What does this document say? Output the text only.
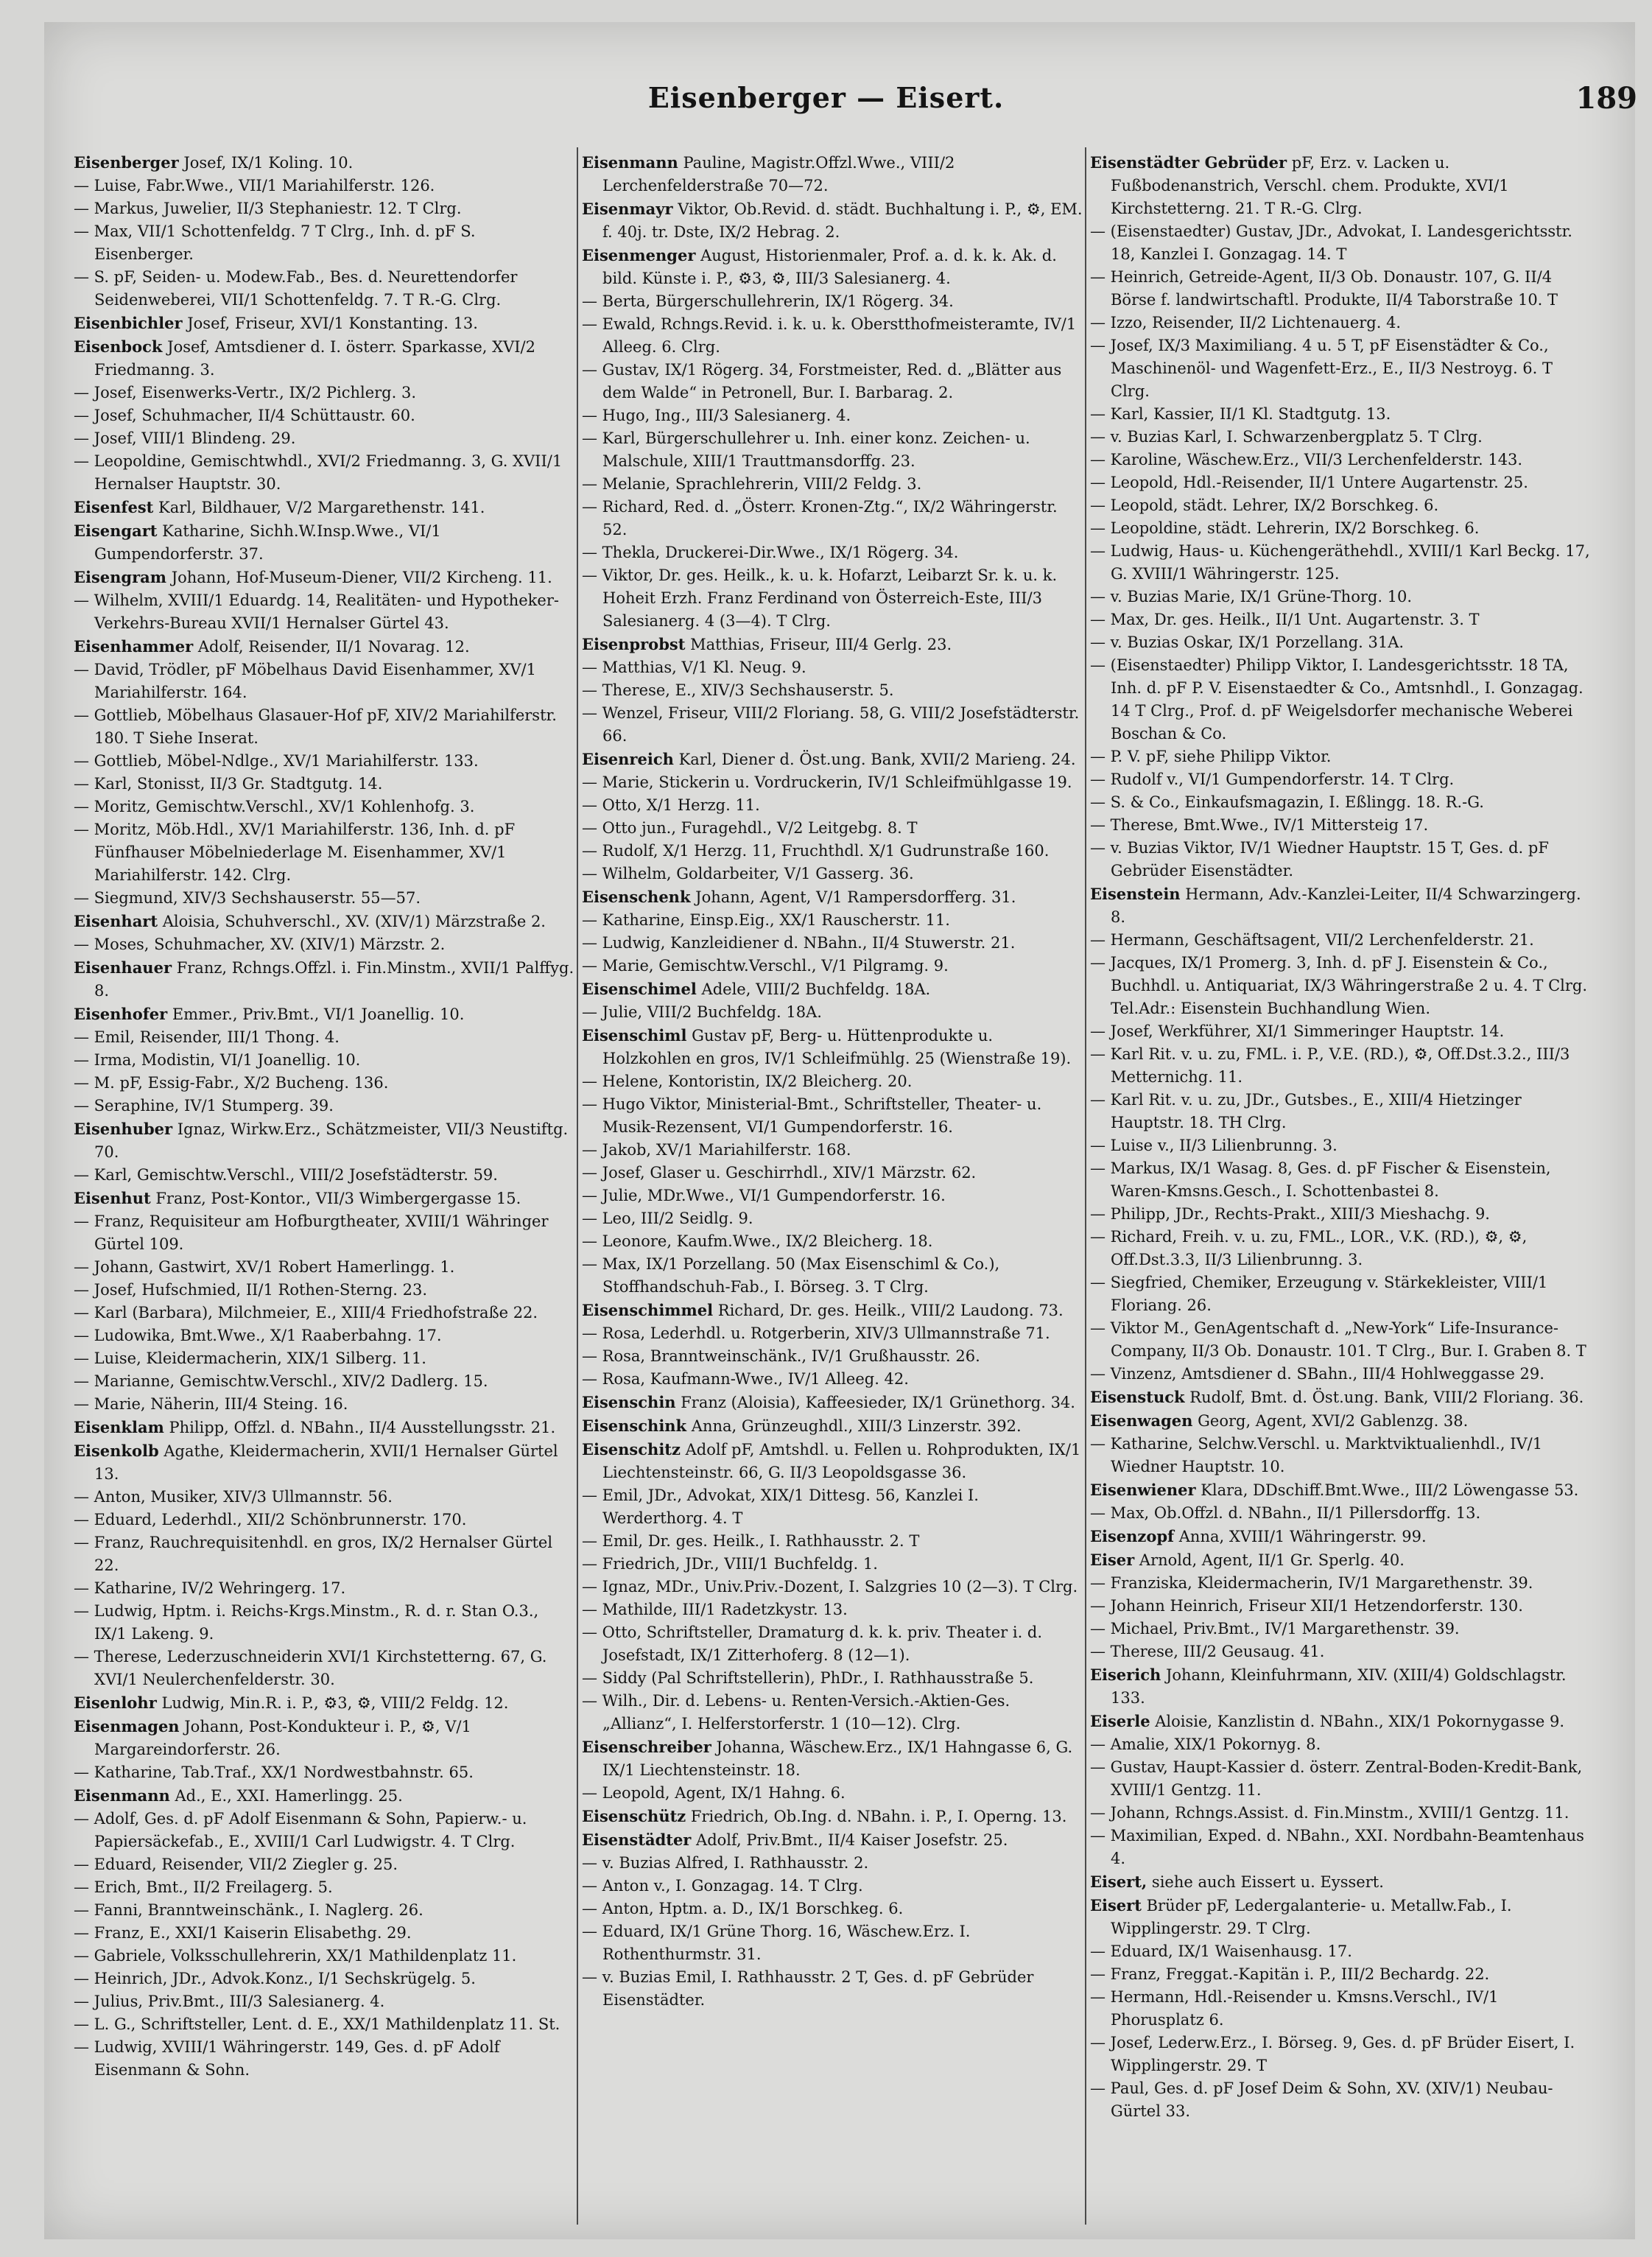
Eisenberger — Eisert.	189

Eisenberger Josef, IX/1 Koling. 10.

— Luise, Fabr.Wwe., VII/1 Mariahilferstr. 126.

— Markus, Juwelier, II/3 Stephaniestr. 12. T Clrg.

— Max, VII/1 Schottenfeldg. 7 T Clrg., Inh. d. pF S. Eisenberger.

— S. pF, Seiden- u. Modew.Fab., Bes. d. Neurettendorfer Seidenweberei, VII/1 Schottenfeldg. 7. T R.-G. Clrg.

Eisenbichler Josef, Friseur, XVI/1 Konstanting. 13.

Eisenbock Josef, Amtsdiener d. I. österr. Sparkasse, XVI/2 Friedmanng. 3.

— Josef, Eisenwerks-Vertr., IX/2 Pichlerg. 3.

— Josef, Schuhmacher, II/4 Schüttaustr. 60.

— Josef, VIII/1 Blindeng. 29.

— Leopoldine, Gemischtwhdl., XVI/2 Friedmanng. 3, G. XVII/1 Hernalser Hauptstr. 30.

Eisenfest Karl, Bildhauer, V/2 Margarethenstr. 141.

Eisengart Katharine, Sichh.W.Insp.Wwe., VI/1 Gumpendorferstr. 37.

Eisengram Johann, Hof-Museum-Diener, VII/2 Kircheng. 11.

— Wilhelm, XVIII/1 Eduardg. 14, Realitäten- und Hypotheker-Verkehrs-Bureau XVII/1 Hernalser Gürtel 43.

Eisenhammer Adolf, Reisender, II/1 Novarag. 12.

— David, Trödler, pF Möbelhaus David Eisenhammer, XV/1 Mariahilferstr. 164.

— Gottlieb, Möbelhaus Glasauer-Hof pF, XIV/2 Mariahilferstr. 180. T Siehe Inserat.

— Gottlieb, Möbel-Ndlge., XV/1 Mariahilferstr. 133.

— Karl, Stonisst, II/3 Gr. Stadtgutg. 14.

— Moritz, Gemischtw.Verschl., XV/1 Kohlenhofg. 3.

— Moritz, Möb.Hdl., XV/1 Mariahilferstr. 136, Inh. d. pF Fünfhauser Möbelniederlage M. Eisenhammer, XV/1 Mariahilferstr. 142. Clrg.

— Siegmund, XIV/3 Sechshauserstr. 55—57.

Eisenhart Aloisia, Schuhverschl., XV. (XIV/1) Märzstraße 2.

— Moses, Schuhmacher, XV. (XIV/1) Märzstr. 2.

Eisenhauer Franz, Rchngs.Offzl. i. Fin.Minstm., XVII/1 Palffyg. 8.

Eisenhofer Emmer., Priv.Bmt., VI/1 Joanellig. 10.

— Emil, Reisender, III/1 Thong. 4.

— Irma, Modistin, VI/1 Joanellig. 10.

— M. pF, Essig-Fabr., X/2 Bucheng. 136.

— Seraphine, IV/1 Stumperg. 39.

Eisenhuber Ignaz, Wirkw.Erz., Schätzmeister, VII/3 Neustiftg. 70.

— Karl, Gemischtw.Verschl., VIII/2 Josefstädterstr. 59.

Eisenhut Franz, Post-Kontor., VII/3 Wimbergergasse 15.

— Franz, Requisiteur am Hofburgtheater, XVIII/1 Währinger Gürtel 109.

— Johann, Gastwirt, XV/1 Robert Hamerlingg. 1.

— Josef, Hufschmied, II/1 Rothen-Sterng. 23.

— Karl (Barbara), Milchmeier, E., XIII/4 Friedhofstraße 22.

— Ludowika, Bmt.Wwe., X/1 Raaberbahng. 17.

— Luise, Kleidermacherin, XIX/1 Silberg. 11.

— Marianne, Gemischtw.Verschl., XIV/2 Dadlerg. 15.

— Marie, Näherin, III/4 Steing. 16.

Eisenklam Philipp, Offzl. d. NBahn., II/4 Ausstellungsstr. 21.

Eisenkolb Agathe, Kleidermacherin, XVII/1 Hernalser Gürtel 13.

— Anton, Musiker, XIV/3 Ullmannstr. 56.

— Eduard, Lederhdl., XII/2 Schönbrunnerstr. 170.

— Franz, Rauchrequisitenhdl. en gros, IX/2 Hernalser Gürtel 22.

— Katharine, IV/2 Wehringerg. 17.

— Ludwig, Hptm. i. Reichs-Krgs.Minstm., R. d. r. Stan O.3., IX/1 Lakeng. 9.

— Therese, Lederzuschneiderin XVI/1 Kirchstetterng. 67, G. XVI/1 Neulerchenfelderstr. 30.

Eisenlohr Ludwig, Min.R. i. P., ⚙3, ⚙, VIII/2 Feldg. 12.

Eisenmagen Johann, Post-Kondukteur i. P., ⚙, V/1 Margareindorferstr. 26.

— Katharine, Tab.Traf., XX/1 Nordwestbahnstr. 65.

Eisenmann Ad., E., XXI. Hamerlingg. 25.

— Adolf, Ges. d. pF Adolf Eisenmann & Sohn, Papierw.- u. Papiersäckefab., E., XVIII/1 Carl Ludwigstr. 4. T Clrg.

— Eduard, Reisender, VII/2 Ziegler g. 25.

— Erich, Bmt., II/2 Freilagerg. 5.

— Fanni, Branntweinschänk., I. Naglerg. 26.

— Franz, E., XXI/1 Kaiserin Elisabethg. 29.

— Gabriele, Volksschullehrerin, XX/1 Mathildenplatz 11.

— Heinrich, JDr., Advok.Konz., I/1 Sechskrügelg. 5.

— Julius, Priv.Bmt., III/3 Salesianerg. 4.

— L. G., Schriftsteller, Lent. d. E., XX/1 Mathildenplatz 11. St.

— Ludwig, XVIII/1 Währingerstr. 149, Ges. d. pF Adolf Eisenmann & Sohn.

Eisenmann Pauline, Magistr.Offzl.Wwe., VIII/2 Lerchenfelderstraße 70—72.

Eisenmayr Viktor, Ob.Revid. d. städt. Buchhaltung i. P., ⚙, EM. f. 40j. tr. Dste, IX/2 Hebrag. 2.

Eisenmenger August, Historienmaler, Prof. a. d. k. k. Ak. d. bild. Künste i. P., ⚙3, ⚙, III/3 Salesianerg. 4.

— Berta, Bürgerschullehrerin, IX/1 Rögerg. 34.

— Ewald, Rchngs.Revid. i. k. u. k. Oberstthofmeisteramte, IV/1 Alleeg. 6. Clrg.

— Gustav, IX/1 Rögerg. 34, Forstmeister, Red. d. „Blätter aus dem Walde“ in Petronell, Bur. I. Barbarag. 2.

— Hugo, Ing., III/3 Salesianerg. 4.

— Karl, Bürgerschullehrer u. Inh. einer konz. Zeichen- u. Malschule, XIII/1 Trauttmansdorffg. 23.

— Melanie, Sprachlehrerin, VIII/2 Feldg. 3.

— Richard, Red. d. „Österr. Kronen-Ztg.“, IX/2 Währingerstr. 52.

— Thekla, Druckerei-Dir.Wwe., IX/1 Rögerg. 34.

— Viktor, Dr. ges. Heilk., k. u. k. Hofarzt, Leibarzt Sr. k. u. k. Hoheit Erzh. Franz Ferdinand von Österreich-Este, III/3 Salesianerg. 4 (3—4). T Clrg.

Eisenprobst Matthias, Friseur, III/4 Gerlg. 23.

— Matthias, V/1 Kl. Neug. 9.

— Therese, E., XIV/3 Sechshauserstr. 5.

— Wenzel, Friseur, VIII/2 Floriang. 58, G. VIII/2 Josefstädterstr. 66.

Eisenreich Karl, Diener d. Öst.ung. Bank, XVII/2 Marieng. 24.

— Marie, Stickerin u. Vordruckerin, IV/1 Schleifmühlgasse 19.

— Otto, X/1 Herzg. 11.

— Otto jun., Furagehdl., V/2 Leitgebg. 8. T

— Rudolf, X/1 Herzg. 11, Fruchthdl. X/1 Gudrunstraße 160.

— Wilhelm, Goldarbeiter, V/1 Gasserg. 36.

Eisenschenk Johann, Agent, V/1 Rampersdorfferg. 31.

— Katharine, Einsp.Eig., XX/1 Rauscherstr. 11.

— Ludwig, Kanzleidiener d. NBahn., II/4 Stuwerstr. 21.

— Marie, Gemischtw.Verschl., V/1 Pilgramg. 9.

Eisenschimel Adele, VIII/2 Buchfeldg. 18A.

— Julie, VIII/2 Buchfeldg. 18A.

Eisenschiml Gustav pF, Berg- u. Hüttenprodukte u. Holzkohlen en gros, IV/1 Schleifmühlg. 25 (Wienstraße 19).

— Helene, Kontoristin, IX/2 Bleicherg. 20.

— Hugo Viktor, Ministerial-Bmt., Schriftsteller, Theater- u. Musik-Rezensent, VI/1 Gumpendorferstr. 16.

— Jakob, XV/1 Mariahilferstr. 168.

— Josef, Glaser u. Geschirrhdl., XIV/1 Märzstr. 62.

— Julie, MDr.Wwe., VI/1 Gumpendorferstr. 16.

— Leo, III/2 Seidlg. 9.

— Leonore, Kaufm.Wwe., IX/2 Bleicherg. 18.

— Max, IX/1 Porzellang. 50 (Max Eisenschiml & Co.), Stoffhandschuh-Fab., I. Börseg. 3. T Clrg.

Eisenschimmel Richard, Dr. ges. Heilk., VIII/2 Laudong. 73.

— Rosa, Lederhdl. u. Rotgerberin, XIV/3 Ullmannstraße 71.

— Rosa, Branntweinschänk., IV/1 Grußhausstr. 26.

— Rosa, Kaufmann-Wwe., IV/1 Alleeg. 42.

Eisenschin Franz (Aloisia), Kaffeesieder, IX/1 Grünethorg. 34.

Eisenschink Anna, Grünzeughdl., XIII/3 Linzerstr. 392.

Eisenschitz Adolf pF, Amtshdl. u. Fellen u. Rohprodukten, IX/1 Liechtensteinstr. 66, G. II/3 Leopoldsgasse 36.

— Emil, JDr., Advokat, XIX/1 Dittesg. 56, Kanzlei I. Werderthorg. 4. T

— Emil, Dr. ges. Heilk., I. Rathhausstr. 2. T

— Friedrich, JDr., VIII/1 Buchfeldg. 1.

— Ignaz, MDr., Univ.Priv.-Dozent, I. Salzgries 10 (2—3). T Clrg.

— Mathilde, III/1 Radetzkystr. 13.

— Otto, Schriftsteller, Dramaturg d. k. k. priv. Theater i. d. Josefstadt, IX/1 Zitterhoferg. 8 (12—1).

— Siddy (Pal Schriftstellerin), PhDr., I. Rathhausstraße 5.

— Wilh., Dir. d. Lebens- u. Renten-Versich.-Aktien-Ges. „Allianz“, I. Helferstorferstr. 1 (10—12). Clrg.

Eisenschreiber Johanna, Wäschew.Erz., IX/1 Hahngasse 6, G. IX/1 Liechtensteinstr. 18.

— Leopold, Agent, IX/1 Hahng. 6.

Eisenschütz Friedrich, Ob.Ing. d. NBahn. i. P., I. Operng. 13.

Eisenstädter Adolf, Priv.Bmt., II/4 Kaiser Josefstr. 25.

— v. Buzias Alfred, I. Rathhausstr. 2.

— Anton v., I. Gonzagag. 14. T Clrg.

— Anton, Hptm. a. D., IX/1 Borschkeg. 6.

— Eduard, IX/1 Grüne Thorg. 16, Wäschew.Erz. I. Rothenthurmstr. 31.

— v. Buzias Emil, I. Rathhausstr. 2 T, Ges. d. pF Gebrüder Eisenstädter.

Eisenstädter Gebrüder pF, Erz. v. Lacken u. Fußbodenanstrich, Verschl. chem. Produkte, XVI/1 Kirchstetterng. 21. T R.-G. Clrg.

— (Eisenstaedter) Gustav, JDr., Advokat, I. Landesgerichtsstr. 18, Kanzlei I. Gonzagag. 14. T

— Heinrich, Getreide-Agent, II/3 Ob. Donaustr. 107, G. II/4 Börse f. landwirtschaftl. Produkte, II/4 Taborstraße 10. T

— Izzo, Reisender, II/2 Lichtenauerg. 4.

— Josef, IX/3 Maximiliang. 4 u. 5 T, pF Eisenstädter & Co., Maschinenöl- und Wagenfett-Erz., E., II/3 Nestroyg. 6. T Clrg.

— Karl, Kassier, II/1 Kl. Stadtgutg. 13.

— v. Buzias Karl, I. Schwarzenbergplatz 5. T Clrg.

— Karoline, Wäschew.Erz., VII/3 Lerchenfelderstr. 143.

— Leopold, Hdl.-Reisender, II/1 Untere Augartenstr. 25.

— Leopold, städt. Lehrer, IX/2 Borschkeg. 6.

— Leopoldine, städt. Lehrerin, IX/2 Borschkeg. 6.

— Ludwig, Haus- u. Küchengeräthehdl., XVIII/1 Karl Beckg. 17, G. XVIII/1 Währingerstr. 125.

— v. Buzias Marie, IX/1 Grüne-Thorg. 10.

— Max, Dr. ges. Heilk., II/1 Unt. Augartenstr. 3. T

— v. Buzias Oskar, IX/1 Porzellang. 31A.

— (Eisenstaedter) Philipp Viktor, I. Landesgerichtsstr. 18 TA, Inh. d. pF P. V. Eisenstaedter & Co., Amtsnhdl., I. Gonzagag. 14 T Clrg., Prof. d. pF Weigelsdorfer mechanische Weberei Boschan & Co.

— P. V. pF, siehe Philipp Viktor.

— Rudolf v., VI/1 Gumpendorferstr. 14. T Clrg.

— S. & Co., Einkaufsmagazin, I. Eßlingg. 18. R.-G.

— Therese, Bmt.Wwe., IV/1 Mittersteig 17.

— v. Buzias Viktor, IV/1 Wiedner Hauptstr. 15 T, Ges. d. pF Gebrüder Eisenstädter.

Eisenstein Hermann, Adv.-Kanzlei-Leiter, II/4 Schwarzingerg. 8.

— Hermann, Geschäftsagent, VII/2 Lerchenfelderstr. 21.

— Jacques, IX/1 Promerg. 3, Inh. d. pF J. Eisenstein & Co., Buchhdl. u. Antiquariat, IX/3 Währingerstraße 2 u. 4. T Clrg. Tel.Adr.: Eisenstein Buchhandlung Wien.

— Josef, Werkführer, XI/1 Simmeringer Hauptstr. 14.

— Karl Rit. v. u. zu, FML. i. P., V.E. (RD.), ⚙, Off.Dst.3.2., III/3 Metternichg. 11.

— Karl Rit. v. u. zu, JDr., Gutsbes., E., XIII/4 Hietzinger Hauptstr. 18. TH Clrg.

— Luise v., II/3 Lilienbrunng. 3.

— Markus, IX/1 Wasag. 8, Ges. d. pF Fischer & Eisenstein, Waren-Kmsns.Gesch., I. Schottenbastei 8.

— Philipp, JDr., Rechts-Prakt., XIII/3 Mieshachg. 9.

— Richard, Freih. v. u. zu, FML., LOR., V.K. (RD.), ⚙, ⚙, Off.Dst.3.3, II/3 Lilienbrunng. 3.

— Siegfried, Chemiker, Erzeugung v. Stärkekleister, VIII/1 Floriang. 26.

— Viktor M., GenAgentschaft d. „New-York“ Life-Insurance-Company, II/3 Ob. Donaustr. 101. T Clrg., Bur. I. Graben 8. T

— Vinzenz, Amtsdiener d. SBahn., III/4 Hohlweggasse 29.

Eisenstuck Rudolf, Bmt. d. Öst.ung. Bank, VIII/2 Floriang. 36.

Eisenwagen Georg, Agent, XVI/2 Gablenzg. 38.

— Katharine, Selchw.Verschl. u. Marktviktualienhdl., IV/1 Wiedner Hauptstr. 10.

Eisenwiener Klara, DDschiff.Bmt.Wwe., III/2 Löwengasse 53.

— Max, Ob.Offzl. d. NBahn., II/1 Pillersdorffg. 13.

Eisenzopf Anna, XVIII/1 Währingerstr. 99.

Eiser Arnold, Agent, II/1 Gr. Sperlg. 40.

— Franziska, Kleidermacherin, IV/1 Margarethenstr. 39.

— Johann Heinrich, Friseur XII/1 Hetzendorferstr. 130.

— Michael, Priv.Bmt., IV/1 Margarethenstr. 39.

— Therese, III/2 Geusaug. 41.

Eiserich Johann, Kleinfuhrmann, XIV. (XIII/4) Goldschlagstr. 133.

Eiserle Aloisie, Kanzlistin d. NBahn., XIX/1 Pokornygasse 9.

— Amalie, XIX/1 Pokornyg. 8.

— Gustav, Haupt-Kassier d. österr. Zentral-Boden-Kredit-Bank, XVIII/1 Gentzg. 11.

— Johann, Rchngs.Assist. d. Fin.Minstm., XVIII/1 Gentzg. 11.

— Maximilian, Exped. d. NBahn., XXI. Nordbahn-Beamtenhaus 4.

Eisert, siehe auch Eissert u. Eyssert.

Eisert Brüder pF, Ledergalanterie- u. Metallw.Fab., I. Wipplingerstr. 29. T Clrg.

— Eduard, IX/1 Waisenhausg. 17.

— Franz, Freggat.-Kapitän i. P., III/2 Bechardg. 22.

— Hermann, Hdl.-Reisender u. Kmsns.Verschl., IV/1 Phorusplatz 6.

— Josef, Lederw.Erz., I. Börseg. 9, Ges. d. pF Brüder Eisert, I. Wipplingerstr. 29. T

— Paul, Ges. d. pF Josef Deim & Sohn, XV. (XIV/1) Neubau-Gürtel 33.
